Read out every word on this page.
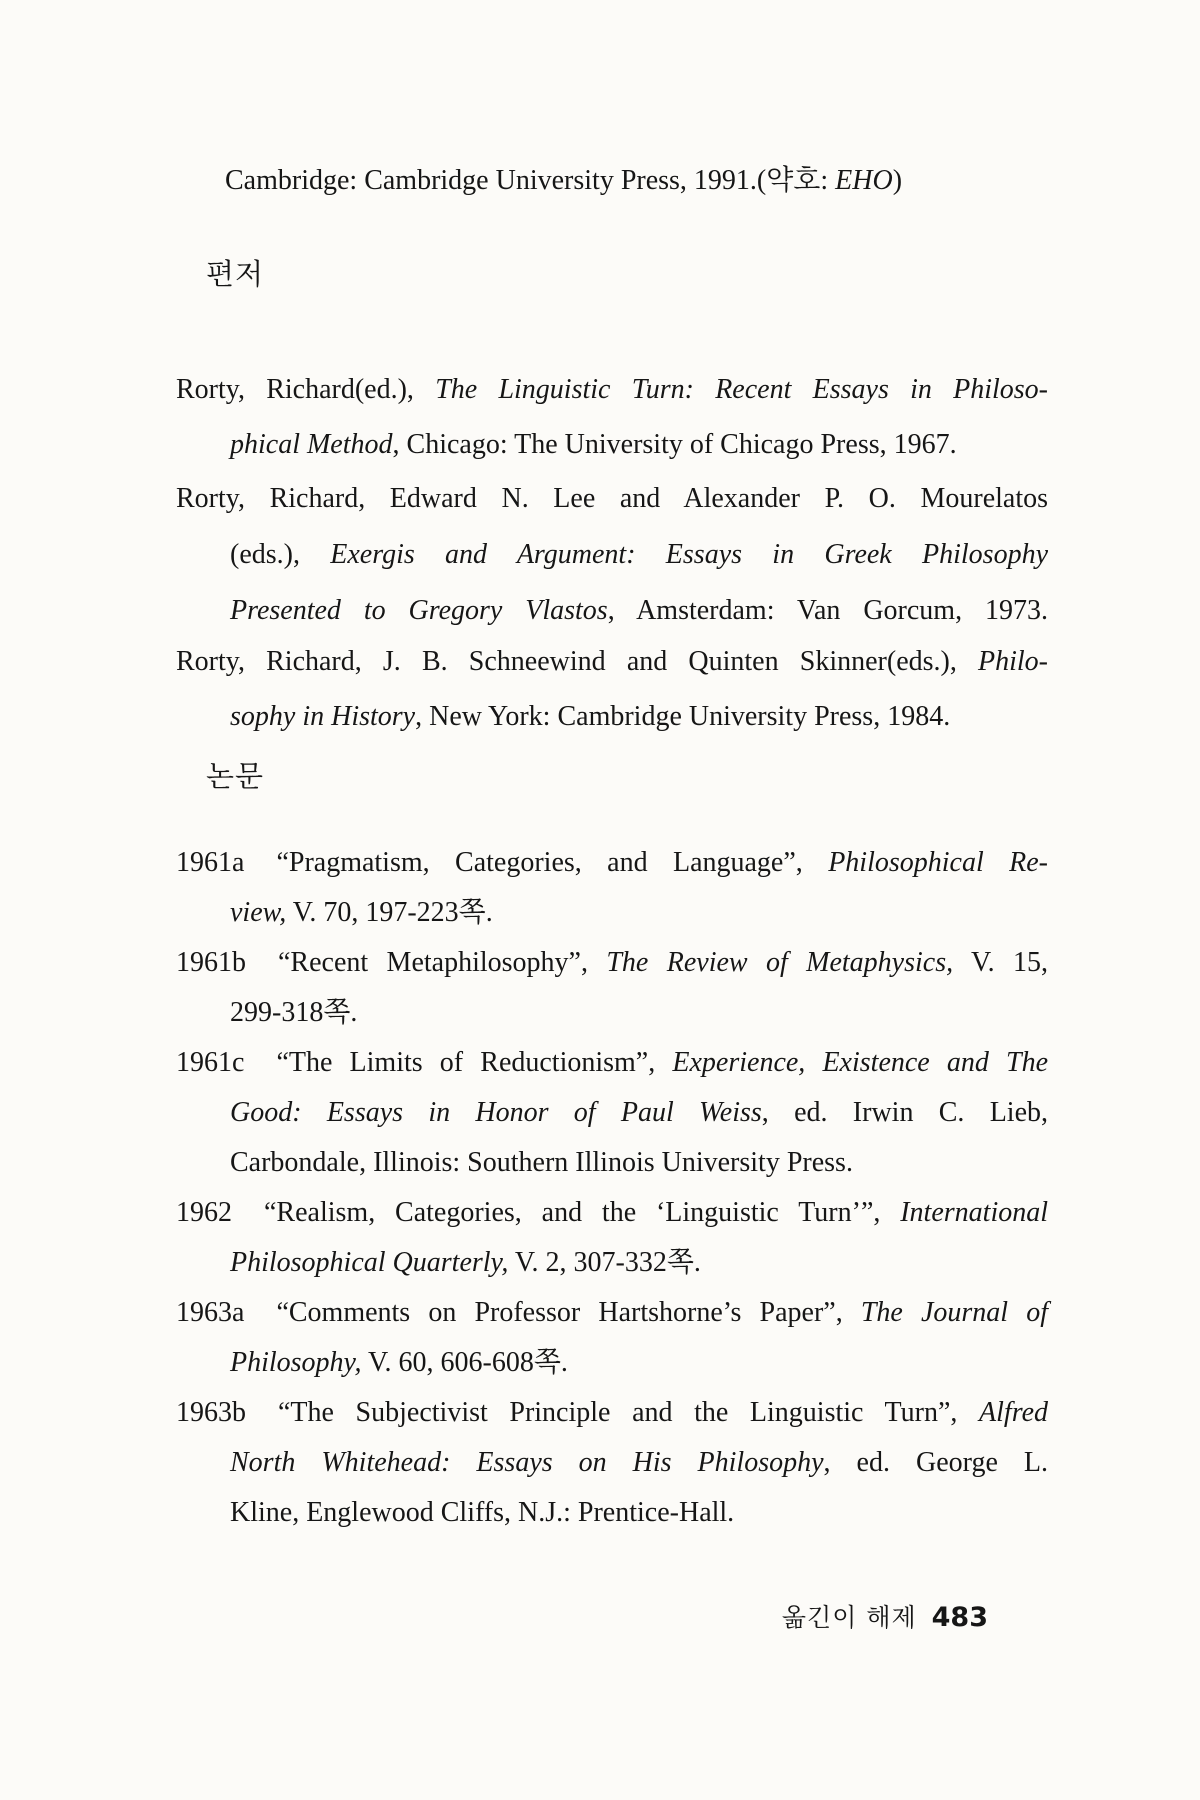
Cambridge: Cambridge University Press, 1991.(약호: EHO)
편저
Rorty, Richard(ed.), The Linguistic Turn: Recent Essays in Philoso-
phical Method, Chicago: The University of Chicago Press, 1967.
Rorty, Richard, Edward N. Lee and Alexander P. O. Mourelatos
(eds.), Exergis and Argument: Essays in Greek Philosophy
Presented to Gregory Vlastos, Amsterdam: Van Gorcum, 1973.
Rorty, Richard, J. B. Schneewind and Quinten Skinner(eds.), Philo-
sophy in History, New York: Cambridge University Press, 1984.
논문
1961a “Pragmatism, Categories, and Language”, Philosophical Re-
view, V. 70, 197-223쪽.
1961b “Recent Metaphilosophy”, The Review of Metaphysics, V. 15,
299-318쪽.
1961c “The Limits of Reductionism”, Experience, Existence and The
Good: Essays in Honor of Paul Weiss, ed. Irwin C. Lieb,
Carbondale, Illinois: Southern Illinois University Press.
1962 “Realism, Categories, and the ‘Linguistic Turn’”, International
Philosophical Quarterly, V. 2, 307-332쪽.
1963a “Comments on Professor Hartshorne’s Paper”, The Journal of
Philosophy, V. 60, 606-608쪽.
1963b “The Subjectivist Principle and the Linguistic Turn”, Alfred
North Whitehead: Essays on His Philosophy, ed. George L.
Kline, Englewood Cliffs, N.J.: Prentice-Hall.
옮긴이 해제 483
